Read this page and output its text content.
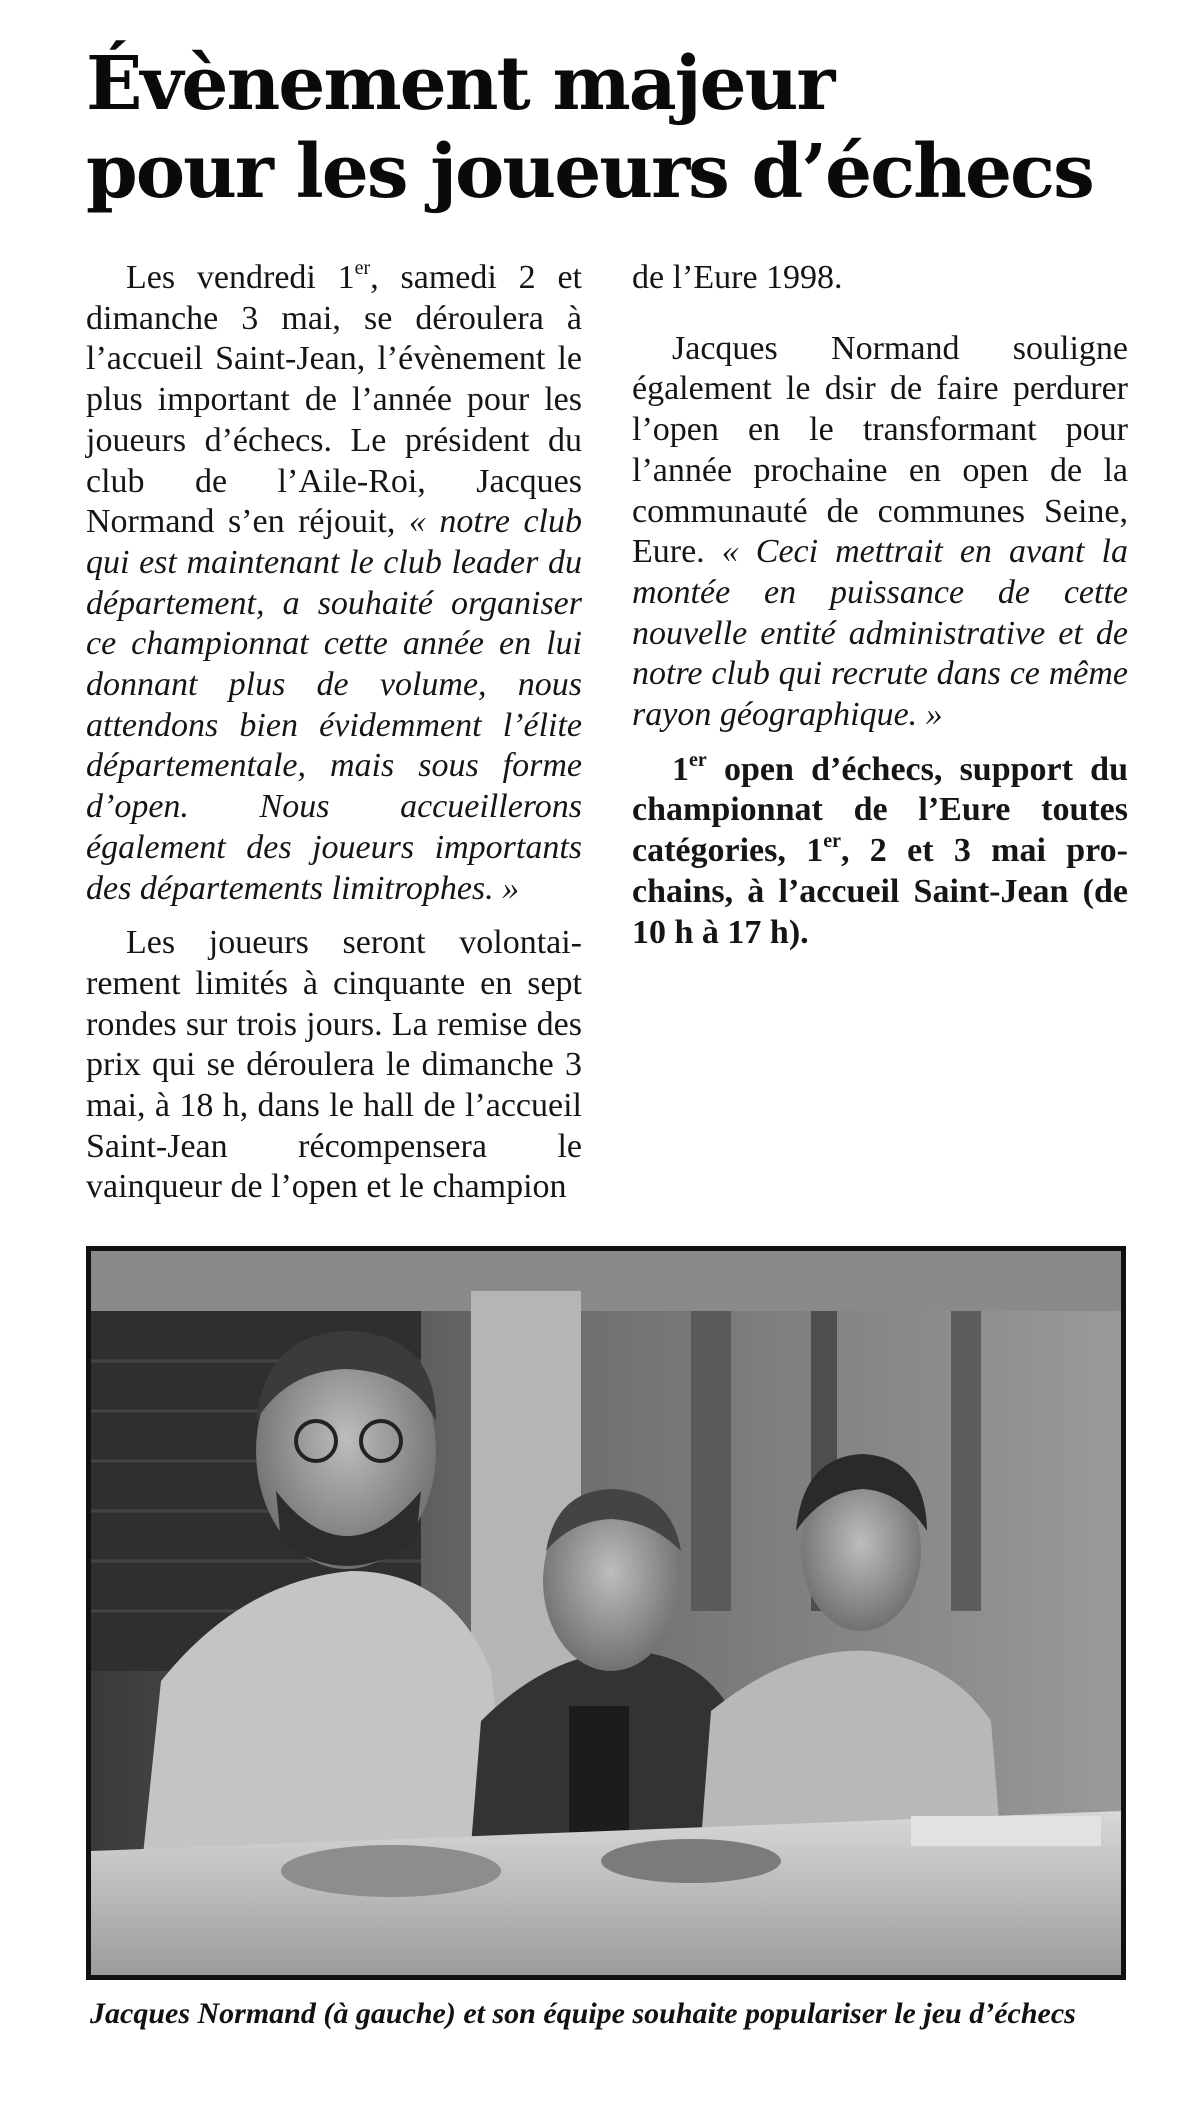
Évènement majeur
pour les joueurs d’échecs

Les vendredi 1er, samedi 2 et dimanche 3 mai, se déroulera à l’accueil Saint-Jean, l’évènement le plus important de l’année pour les joueurs d’échecs. Le président du club de l’Aile-Roi, Jacques Normand s’en réjouit, « notre club qui est maintenant le club leader du département, a souhaité organiser ce championnat cette année en lui donnant plus de volume, nous attendons bien évidemment l’élite départementale, mais sous forme d’open. Nous accueillerons également des joueurs importants des départements limitrophes. »

Les joueurs seront volontairement limités à cinquante en sept rondes sur trois jours. La remise des prix qui se déroulera le dimanche 3 mai, à 18 h, dans le hall de l’accueil Saint-Jean récompensera le vainqueur de l’open et le champion

de l’Eure 1998.

Jacques Normand souligne également le dsir de faire perdurer l’open en le transformant pour l’année prochaine en open de la communauté de communes Seine, Eure. « Ceci mettrait en avant la montée en puissance de cette nouvelle entité administrative et de notre club qui recrute dans ce même rayon géographique. »

1er open d’échecs, support du championnat de l’Eure toutes catégories, 1er, 2 et 3 mai prochains, à l’accueil Saint-Jean (de 10 h à 17 h).

Jacques Normand (à gauche) et son équipe souhaite populariser le jeu d’échecs
